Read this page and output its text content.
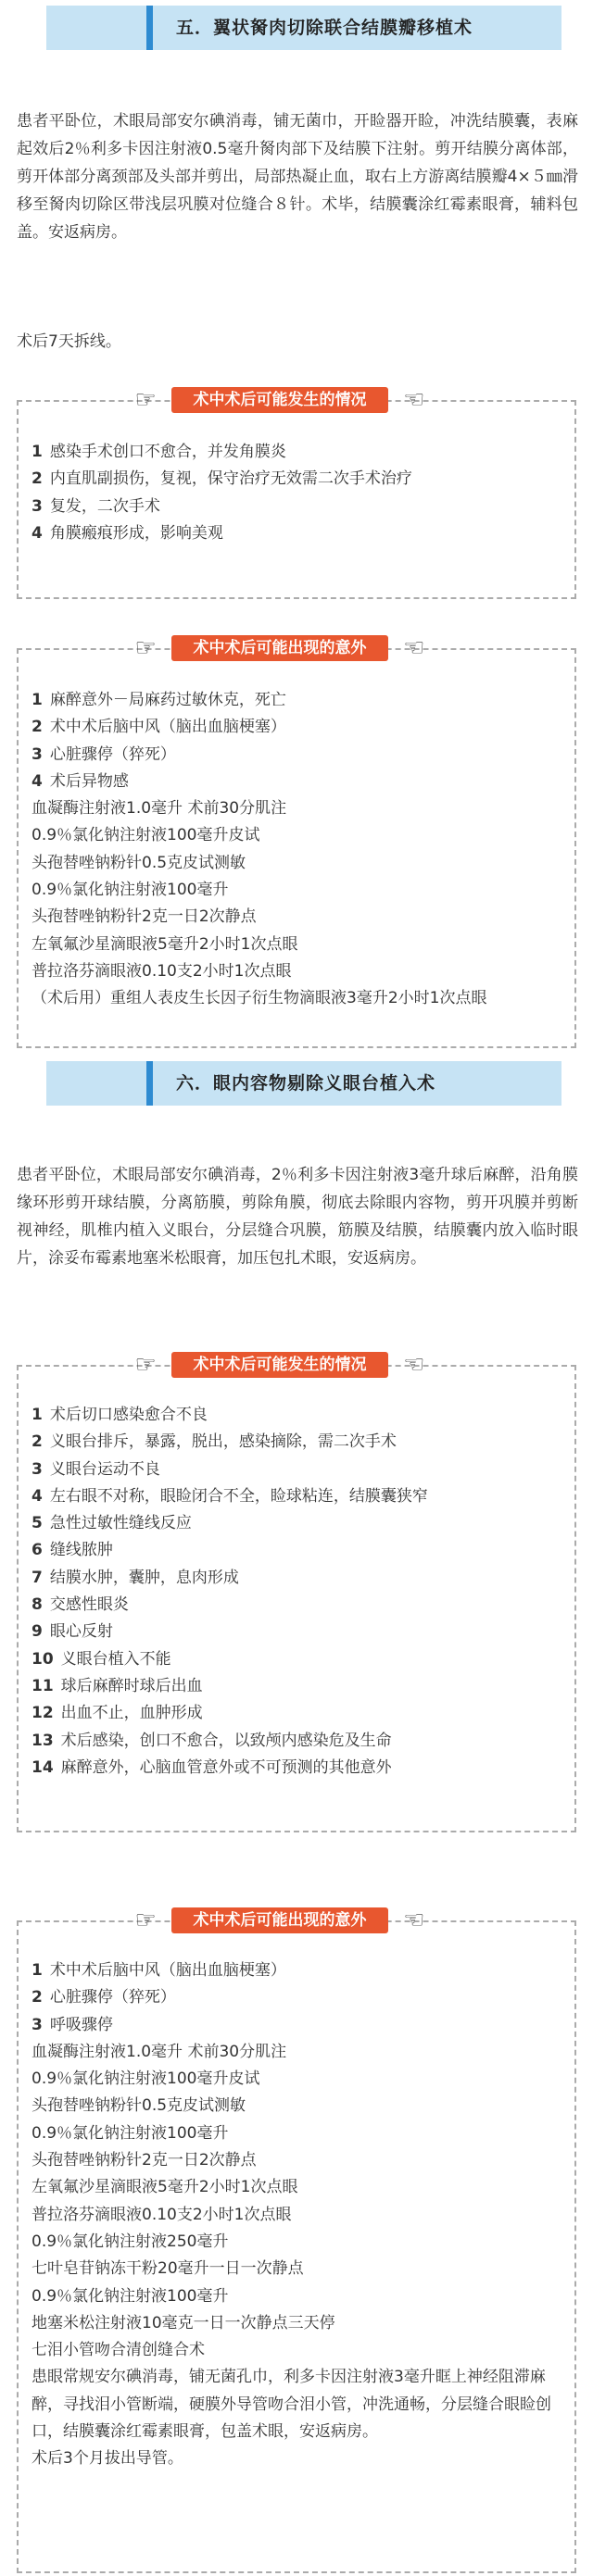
五．翼状胬肉切除联合结膜瓣移植术

患者平卧位，术眼局部安尔碘消毒，铺无菌巾，开睑器开睑，冲洗结膜囊，表麻起效后2％利多卡因注射液0.5毫升胬肉部下及结膜下注射。剪开结膜分离体部，剪开体部分离颈部及头部并剪出，局部热凝止血，取右上方游离结膜瓣4×５㎜滑移至胬肉切除区带浅层巩膜对位缝合８针。术毕，结膜囊涂红霉素眼膏，辅料包盖。安返病房。

术后7天拆线。

1 感染手术创口不愈合，并发角膜炎
2 内直肌副损伤，复视，保守治疗无效需二次手术治疗
3 复发，二次手术
4 角膜瘢痕形成，影响美观
☞	术中术后可能发生的情况	☞
1 麻醉意外－局麻药过敏休克，死亡
2 术中术后脑中风（脑出血脑梗塞）
3 心脏骤停（猝死）
4 术后异物感
血凝酶注射液1.0毫升 术前30分肌注
0.9％氯化钠注射液100毫升皮试
头孢替唑钠粉针0.5克皮试测敏
0.9％氯化钠注射液100毫升
头孢替唑钠粉针2克一日2次静点
左氧氟沙星滴眼液5毫升2小时1次点眼
普拉洛芬滴眼液0.10支2小时1次点眼
（术后用）重组人表皮生长因子衍生物滴眼液3毫升2小时1次点眼
☞	术中术后可能出现的意外	☞
六．眼内容物剔除义眼台植入术

患者平卧位，术眼局部安尔碘消毒，2％利多卡因注射液3毫升球后麻醉，沿角膜缘环形剪开球结膜，分离筋膜，剪除角膜，彻底去除眼内容物，剪开巩膜并剪断视神经，肌椎内植入义眼台，分层缝合巩膜，筋膜及结膜，结膜囊内放入临时眼片，涂妥布霉素地塞米松眼膏，加压包扎术眼，安返病房。

1 术后切口感染愈合不良
2 义眼台排斥，暴露，脱出，感染摘除，需二次手术
3 义眼台运动不良
4 左右眼不对称，眼睑闭合不全，睑球粘连，结膜囊狭窄
5 急性过敏性缝线反应
6 缝线脓肿
7 结膜水肿，囊肿，息肉形成
8 交感性眼炎
9 眼心反射
10 义眼台植入不能
11 球后麻醉时球后出血
12 出血不止，血肿形成
13 术后感染，创口不愈合，以致颅内感染危及生命
14 麻醉意外，心脑血管意外或不可预测的其他意外
☞	术中术后可能发生的情况	☞
1 术中术后脑中风（脑出血脑梗塞）
2 心脏骤停（猝死）
3 呼吸骤停
血凝酶注射液1.0毫升 术前30分肌注
0.9％氯化钠注射液100毫升皮试
头孢替唑钠粉针0.5克皮试测敏
0.9％氯化钠注射液100毫升
头孢替唑钠粉针2克一日2次静点
左氧氟沙星滴眼液5毫升2小时1次点眼
普拉洛芬滴眼液0.10支2小时1次点眼
0.9％氯化钠注射液250毫升
七叶皂苷钠冻干粉20毫升一日一次静点
0.9％氯化钠注射液100毫升
地塞米松注射液10毫克一日一次静点三天停
七泪小管吻合清创缝合术
患眼常规安尔碘消毒，铺无菌孔巾，利多卡因注射液3毫升眶上神经阻滞麻醉，寻找泪小管断端，硬膜外导管吻合泪小管，冲洗通畅，分层缝合眼睑创口，结膜囊涂红霉素眼膏，包盖术眼，安返病房。
术后3个月拔出导管。
☞	术中术后可能出现的意外	☞
